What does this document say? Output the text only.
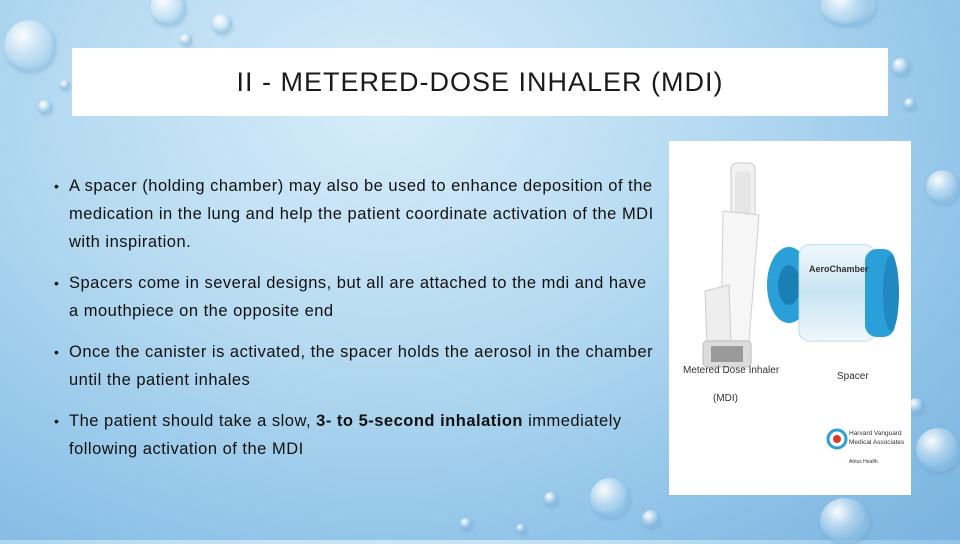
II - METERED-DOSE INHALER (MDI)
• A spacer (holding chamber) may also be used to enhance deposition of the medication in the lung and help the patient coordinate activation of the MDI with inspiration.
• Spacers come in several designs, but all are attached to the mdi and have a mouthpiece on the opposite end
• Once the canister is activated, the spacer holds the aerosol in the chamber until the patient inhales
• The patient should take a slow, 3- to 5-second inhalation immediately following activation of the MDI
AeroChamber
Metered Dose Inhaler
(MDI)
Spacer
Harvard Vanguard
Medical Associates
Atrius Health
